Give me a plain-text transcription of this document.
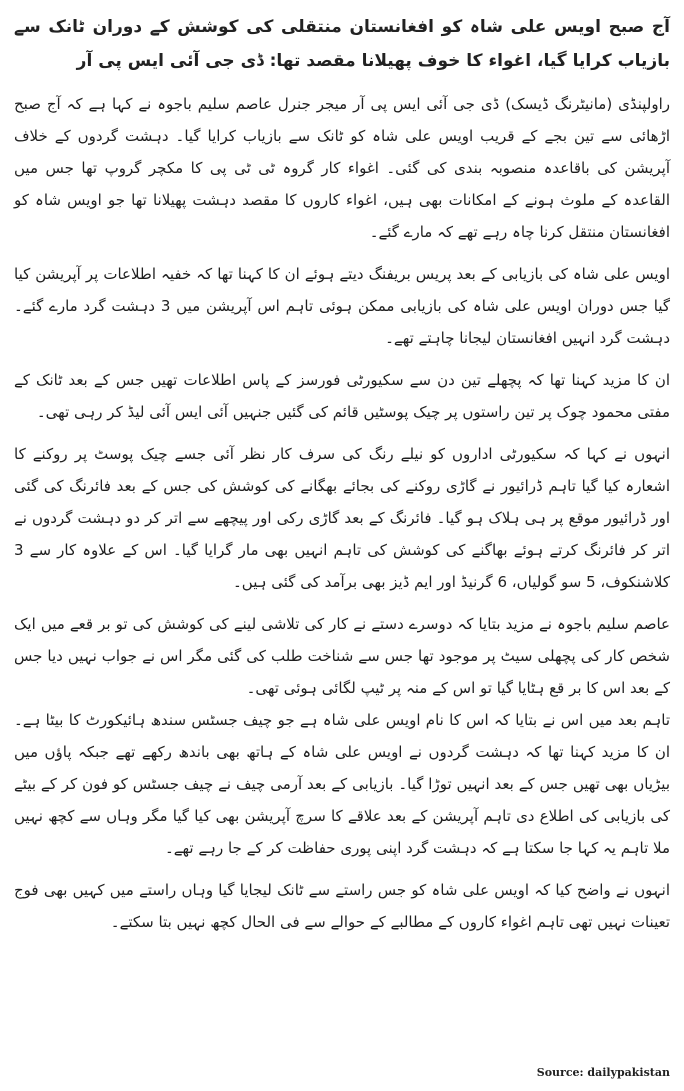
آج صبح اویس علی شاہ کو افغانستان منتقلی کی کوشش کے دوران ٹانک سے بازیاب کرایا گیا، اغواء کا خوف پھیلانا مقصد تھا: ڈی جی آئی ایس پی آر

راولپنڈی (مانیٹرنگ ڈیسک) ڈی جی آئی ایس پی آر میجر جنرل عاصم سلیم باجوہ نے کہا ہے کہ آج صبح اڑھائی سے تین بجے کے قریب اویس علی شاہ کو ٹانک سے بازیاب کرایا گیا۔ دہشت گردوں کے خلاف آپریشن کی باقاعدہ منصوبہ بندی کی گئی۔ اغواء کار گروہ ٹی ٹی پی کا مکچر گروپ تھا جس میں القاعدہ کے ملوث ہونے کے امکانات بھی ہیں، اغواء کاروں کا مقصد دہشت پھیلانا تھا جو اویس شاہ کو افغانستان منتقل کرنا چاہ رہے تھے کہ مارے گئے۔

اویس علی شاہ کی بازیابی کے بعد پریس بریفنگ دیتے ہوئے ان کا کہنا تھا کہ خفیہ اطلاعات پر آپریشن کیا گیا جس دوران اویس علی شاہ کی بازیابی ممکن ہوئی تاہم اس آپریشن میں 3 دہشت گرد مارے گئے۔ دہشت گرد انہیں افغانستان لیجانا چاہتے تھے۔

ان کا مزید کہنا تھا کہ پچھلے تین دن سے سکیورٹی فورسز کے پاس اطلاعات تھیں جس کے بعد ٹانک کے مفتی محمود چوک پر تین راستوں پر چیک پوسٹیں قائم کی گئیں جنہیں آئی ایس آئی لیڈ کر رہی تھی۔

انہوں نے کہا کہ سکیورٹی اداروں کو نیلے رنگ کی سرف کار نظر آئی جسے چیک پوسٹ پر روکنے کا اشعارہ کیا گیا تاہم ڈرائیور نے گاڑی روکنے کی بجائے بھگانے کی کوشش کی جس کے بعد فائرنگ کی گئی اور ڈرائیور موقع پر ہی ہلاک ہو گیا۔ فائرنگ کے بعد گاڑی رکی اور پیچھے سے اتر کر دو دہشت گردوں نے اتر کر فائرنگ کرتے ہوئے بھاگنے کی کوشش کی تاہم انہیں بھی مار گرایا گیا۔ اس کے علاوہ کار سے 3 کلاشنکوف، 5 سو گولیاں، 6 گرنیڈ اور ایم ڈیز بھی برآمد کی گئی ہیں۔

عاصم سلیم باجوہ نے مزید بتایا کہ دوسرے دستے نے کار کی تلاشی لینے کی کوشش کی تو بر قعے میں ایک شخص کار کی پچھلی سیٹ پر موجود تھا جس سے شناخت طلب کی گئی مگر اس نے جواب نہیں دیا جس کے بعد اس کا بر قع ہٹایا گیا تو اس کے منہ پر ٹیپ لگائی ہوئی تھی۔

تاہم بعد میں اس نے بتایا کہ اس کا نام اویس علی شاہ ہے جو چیف جسٹس سندھ ہائیکورٹ کا بیٹا ہے۔ ان کا مزید کہنا تھا کہ دہشت گردوں نے اویس علی شاہ کے ہاتھ بھی باندھ رکھے تھے جبکہ پاؤں میں بیڑیاں بھی تھیں جس کے بعد انہیں توڑا گیا۔ بازیابی کے بعد آرمی چیف نے چیف جسٹس کو فون کر کے بیٹے کی بازیابی کی اطلاع دی تاہم آپریشن کے بعد علاقے کا سرچ آپریشن بھی کیا گیا مگر وہاں سے کچھ نہیں ملا تاہم یہ کہا جا سکتا ہے کہ دہشت گرد اپنی پوری حفاظت کر کے جا رہے تھے۔

انہوں نے واضح کیا کہ اویس علی شاہ کو جس راستے سے ٹانک لیجایا گیا وہاں راستے میں کہیں بھی فوج تعینات نہیں تھی تاہم اغواء کاروں کے مطالبے کے حوالے سے فی الحال کچھ نہیں بتا سکتے۔

Source: dailypakistan
